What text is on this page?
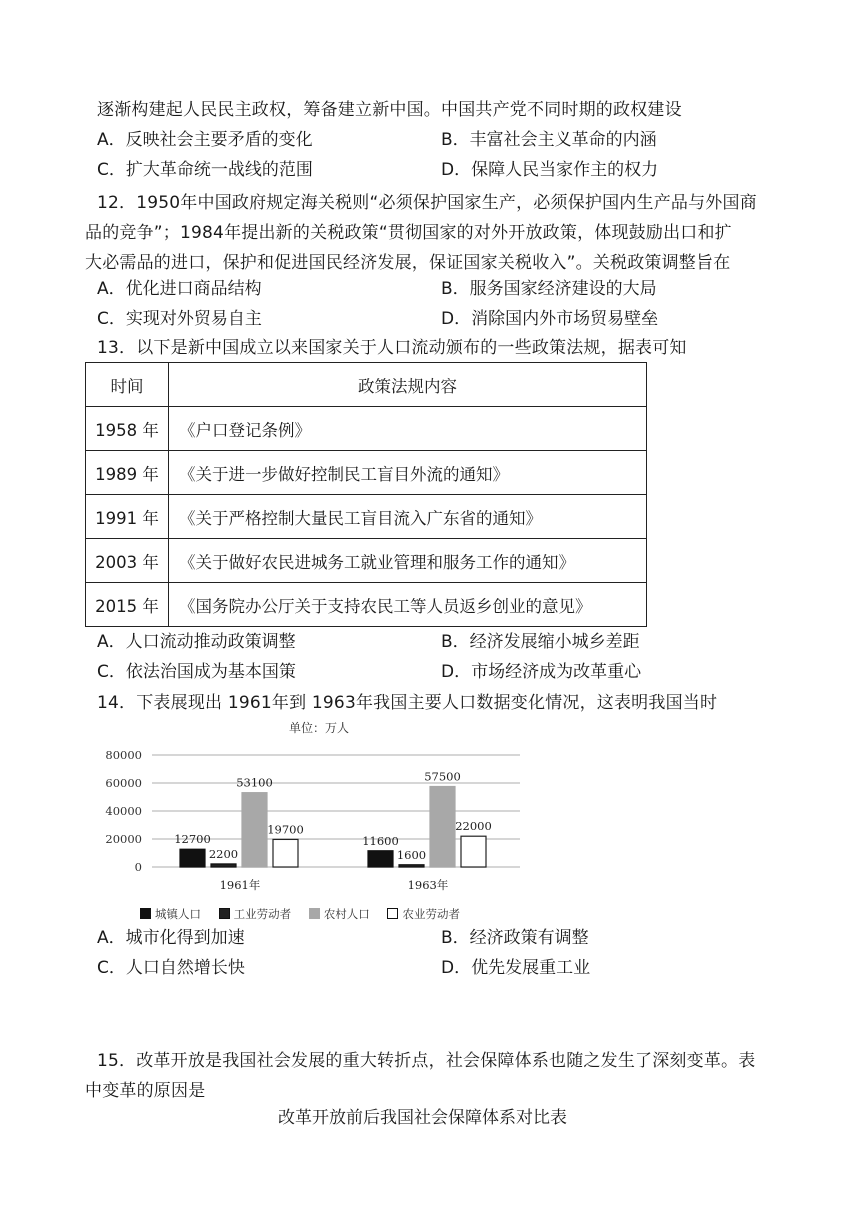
逐渐构建起人民民主政权，筹备建立新中国。中国共产党不同时期的政权建设
A．反映社会主要矛盾的变化	B．丰富社会主义革命的内涵
C．扩大革命统一战线的范围	D．保障人民当家作主的权力
12．1950年中国政府规定海关税则“必须保护国家生产，必须保护国内生产品与外国商
品的竞争”；1984年提出新的关税政策“贯彻国家的对外开放政策，体现鼓励出口和扩
大必需品的进口，保护和促进国民经济发展，保证国家关税收入”。关税政策调整旨在
A．优化进口商品结构	B．服务国家经济建设的大局
C．实现对外贸易自主	D．消除国内外市场贸易壁垒
13．以下是新中国成立以来国家关于人口流动颁布的一些政策法规，据表可知
时间	政策法规内容
1958 年	《户口登记条例》
1989 年	《关于进一步做好控制民工盲目外流的通知》
1991 年	《关于严格控制大量民工盲目流入广东省的通知》
2003 年	《关于做好农民进城务工就业管理和服务工作的通知》
2015 年	《国务院办公厅关于支持农民工等人员返乡创业的意见》
A．人口流动推动政策调整	B．经济发展缩小城乡差距
C．依法治国成为基本国策	D．市场经济成为改革重心
14．下表展现出 1961年到 1963年我国主要人口数据变化情况，这表明我国当时
单位：万人
80000
60000
40000
20000
0
12700
2200
53100
19700
1961年
11600
1600
57500
22000
1963年
城镇人口	工业劳动者	农村人口	农业劳动者
A．城市化得到加速	B．经济政策有调整
C．人口自然增长快	D．优先发展重工业
15．改革开放是我国社会发展的重大转折点，社会保障体系也随之发生了深刻变革。表
中变革的原因是
改革开放前后我国社会保障体系对比表
